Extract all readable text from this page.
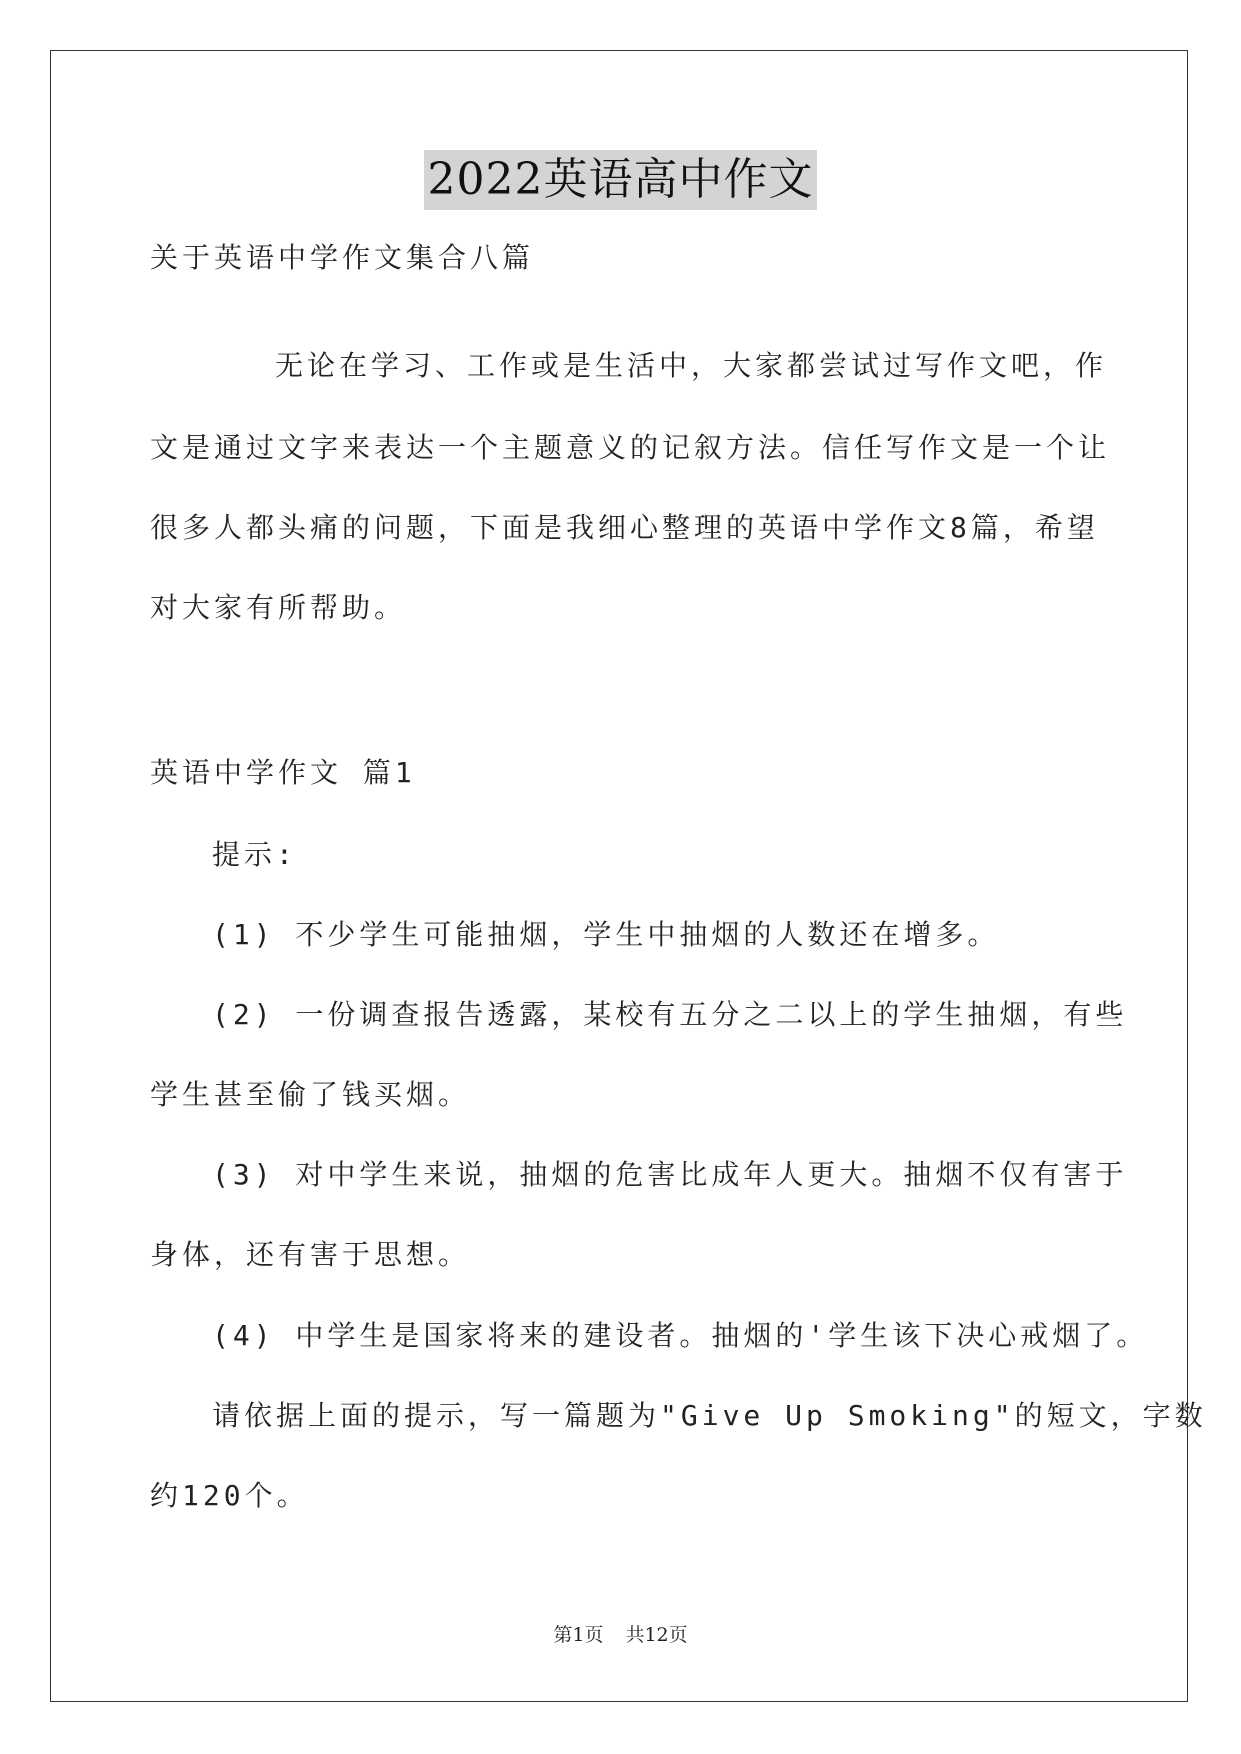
2022英语高中作文
关于英语中学作文集合八篇
无论在学习、工作或是生活中，大家都尝试过写作文吧，作
文是通过文字来表达一个主题意义的记叙方法。信任写作文是一个让
很多人都头痛的问题，下面是我细心整理的英语中学作文8篇，希望
对大家有所帮助。
英语中学作文 篇1
提示:
(1) 不少学生可能抽烟，学生中抽烟的人数还在增多。
(2) 一份调查报告透露，某校有五分之二以上的学生抽烟，有些
学生甚至偷了钱买烟。
(3) 对中学生来说，抽烟的危害比成年人更大。抽烟不仅有害于
身体，还有害于思想。
(4) 中学生是国家将来的建设者。抽烟的'学生该下决心戒烟了。
请依据上面的提示，写一篇题为"Give Up Smoking"的短文，字数
约120个。
第1页 共12页
